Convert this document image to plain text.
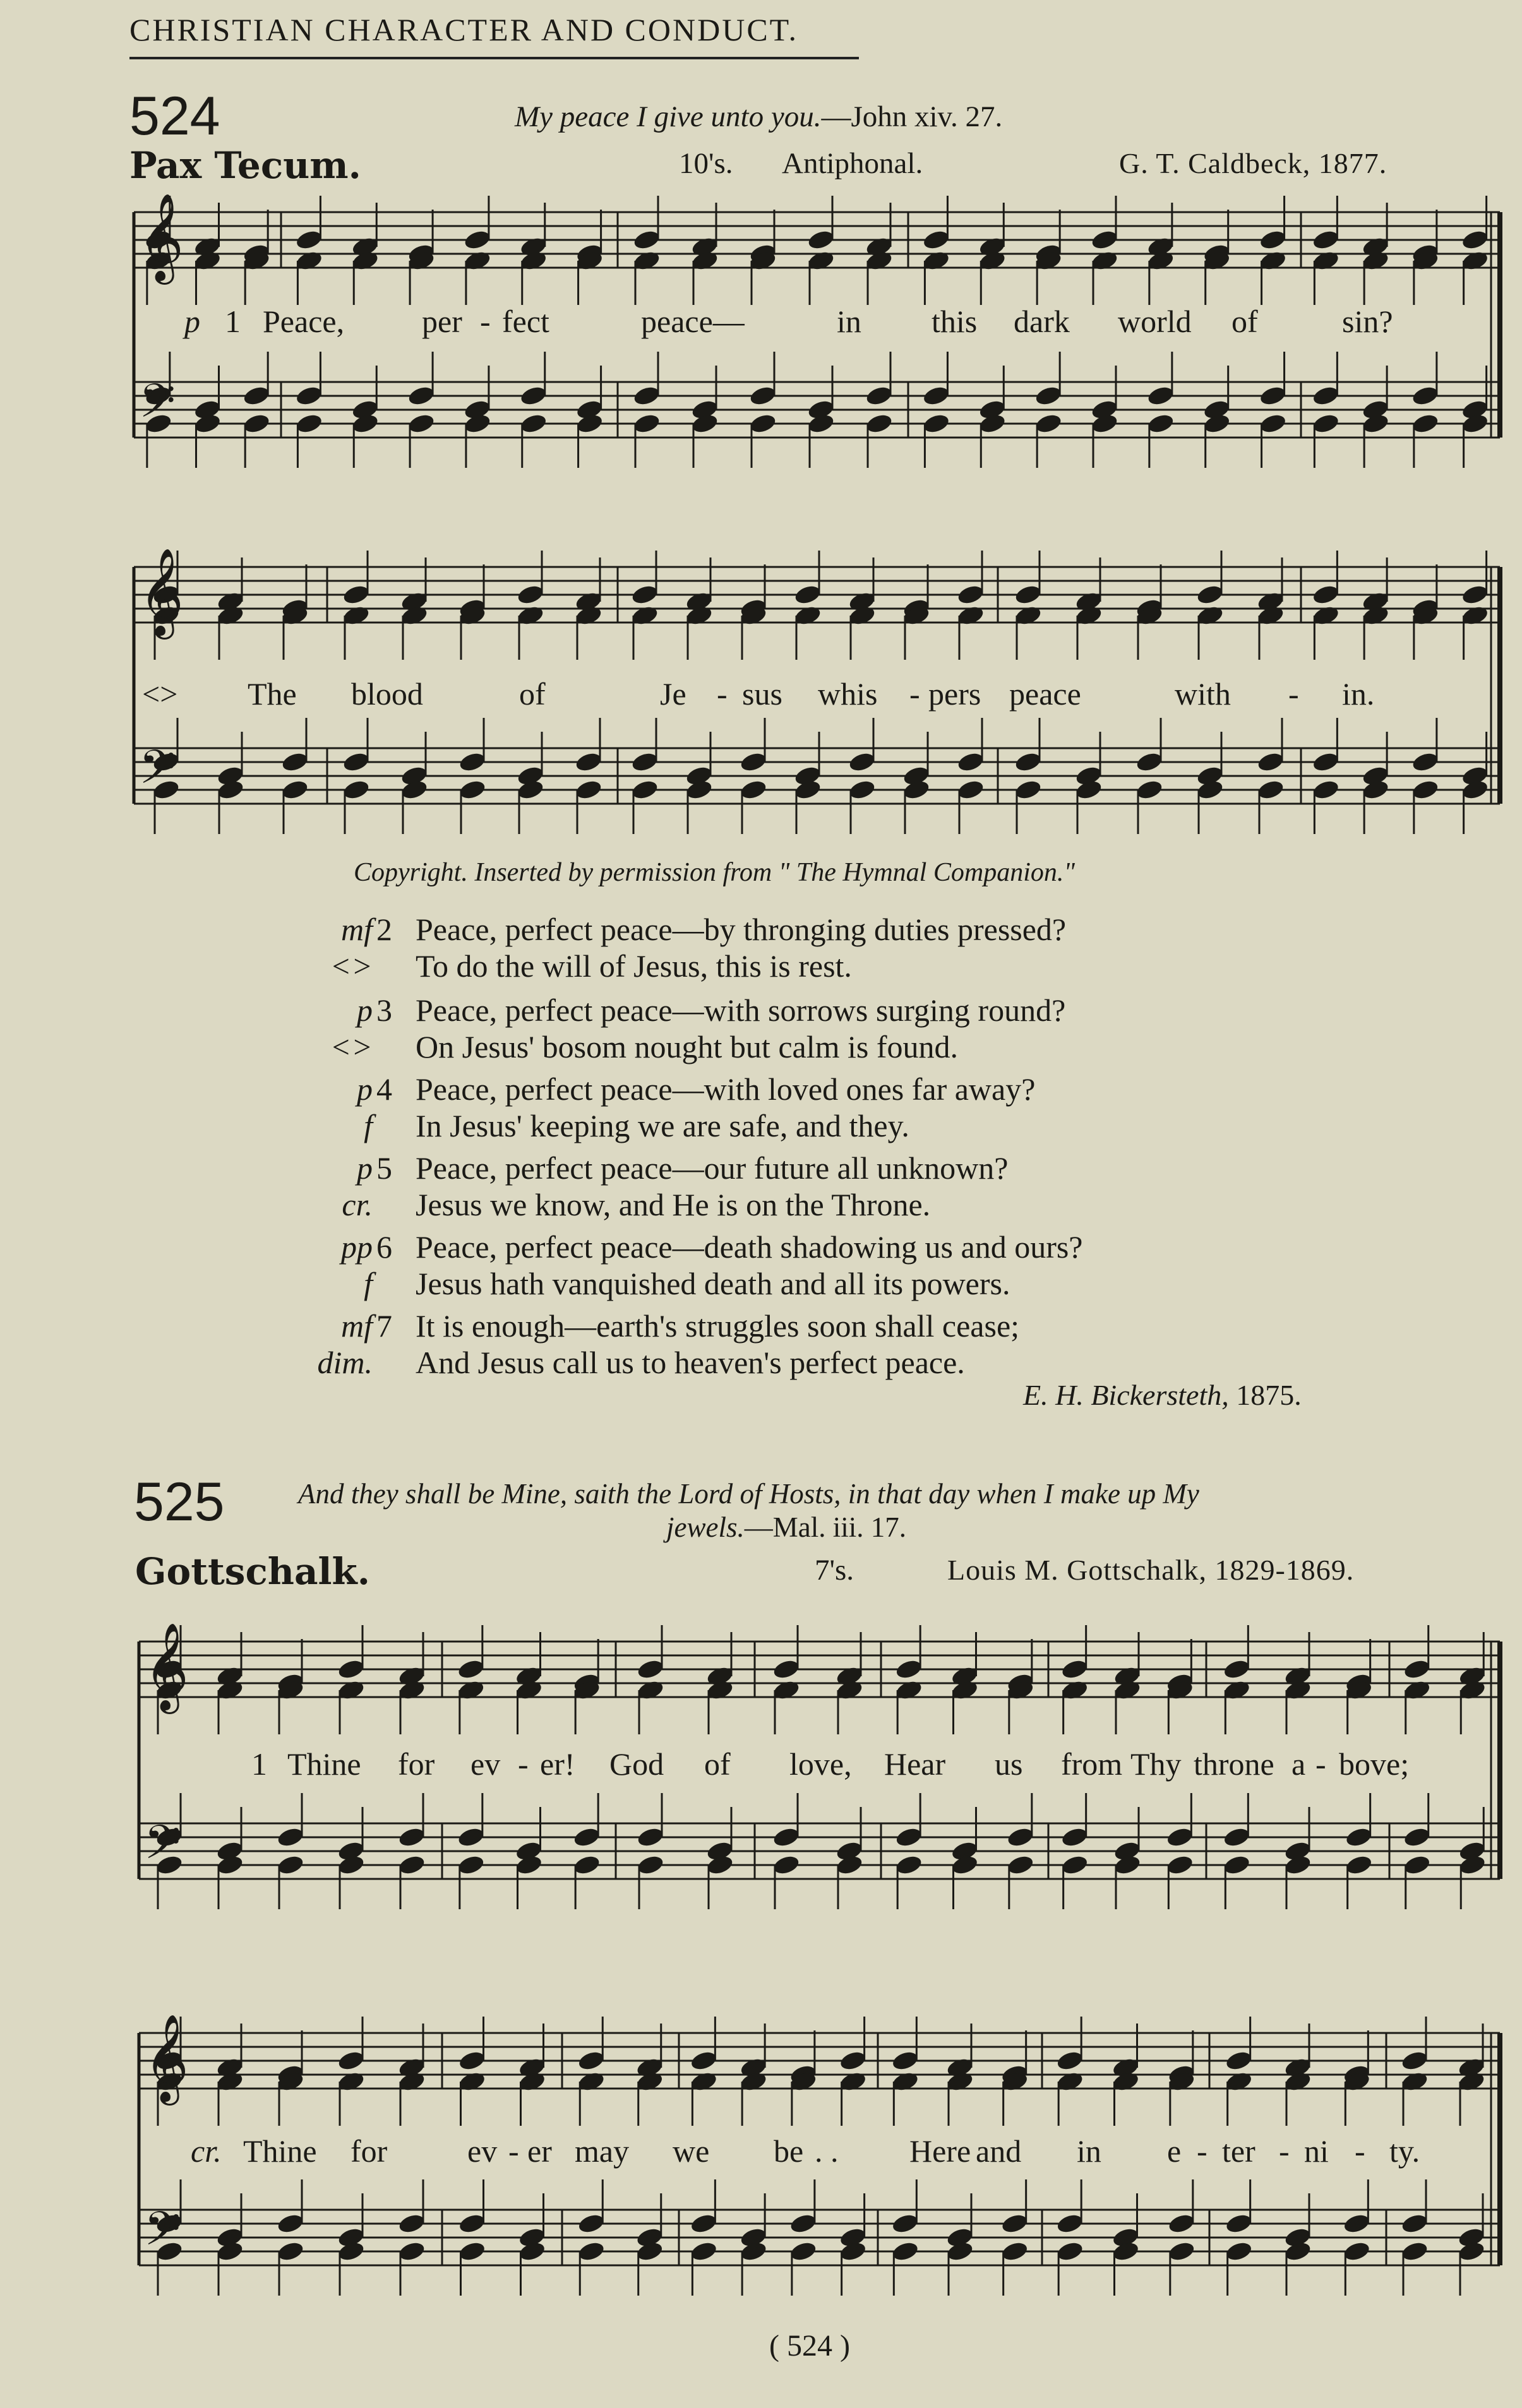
CHRISTIAN CHARACTER AND CONDUCT.
524	My peace I give unto you.—John xiv. 27.
Pax Tecum.	10's. Antiphonal.	G. T. Caldbeck, 1877.
𝄞
𝄢
𝄞
𝄢
𝄞
𝄢
𝄞
𝄢
p 1 Peace, per - fect	peace—	in this dark world of	sin?
<> The blood	of	Je - sus whis - pers peace	with - in.
Copyright. Inserted by permission from " The Hymnal Companion."
mf 2 Peace, perfect peace—by thronging duties pressed?
<> To do the will of Jesus, this is rest.
p 3 Peace, perfect peace—with sorrows surging round?
<> On Jesus' bosom nought but calm is found.
p 4 Peace, perfect peace—with loved ones far away?
f In Jesus' keeping we are safe, and they.
p 5 Peace, perfect peace—our future all unknown?
cr. Jesus we know, and He is on the Throne.
pp 6 Peace, perfect peace—death shadowing us and ours?
f Jesus hath vanquished death and all its powers.
mf 7 It is enough—earth's struggles soon shall cease;
dim. And Jesus call us to heaven's perfect peace.
E. H. Bickersteth, 1875.
525	And they shall be Mine, saith the Lord of Hosts, in that day when I make up My
jewels.—Mal. iii. 17.
Gottschalk.	7's.	Louis M. Gottschalk, 1829-1869.
1 Thine for ev - er! God of love, Hear us from Thy throne a - bove;
cr. Thine for	ev - er may we be . . Here and in e - ter - ni - ty.
( 524 )
